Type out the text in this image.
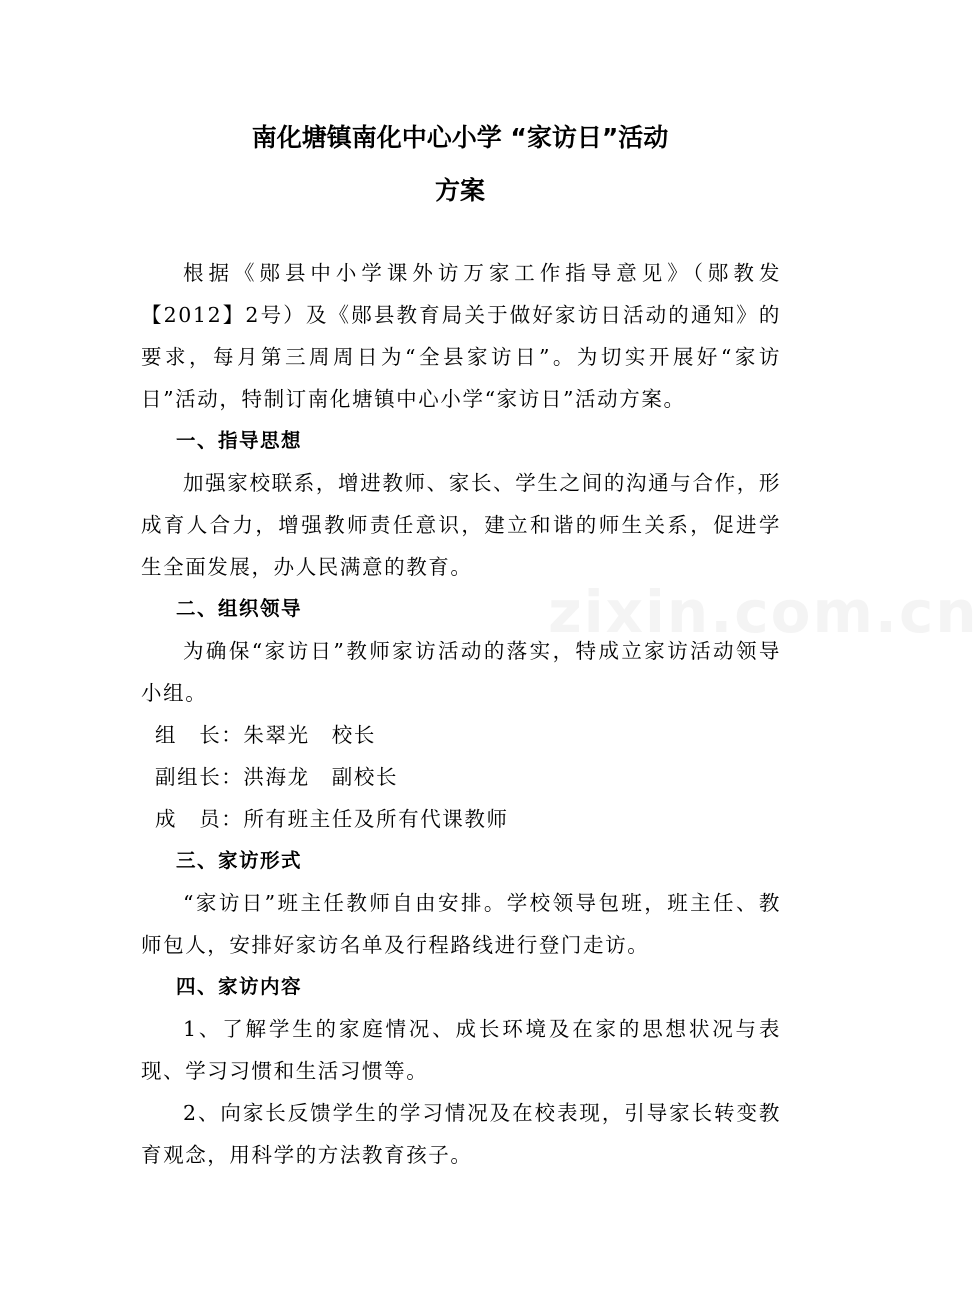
南化塘镇南化中心小学 “家访日”活动
方案
根据《郧县中小学课外访万家工作指导意见》（郧教发【2012】2号）及《郧县教育局关于做好家访日活动的通知》的要求，每月第三周周日为“全县家访日”。为切实开展好“家访日”活动，特制订南化塘镇中心小学“家访日”活动方案。
一、指导思想
加强家校联系，增进教师、家长、学生之间的沟通与合作，形成育人合力，增强教师责任意识，建立和谐的师生关系，促进学生全面发展，办人民满意的教育。
二、组织领导
为确保“家访日”教师家访活动的落实，特成立家访活动领导小组。
组　长：朱翠光　校长
副组长：洪海龙　副校长
成　员：所有班主任及所有代课教师
三、家访形式
“家访日”班主任教师自由安排。学校领导包班，班主任、教师包人，安排好家访名单及行程路线进行登门走访。
四、家访内容
1、了解学生的家庭情况、成长环境及在家的思想状况与表现、学习习惯和生活习惯等。
2、向家长反馈学生的学习情况及在校表现，引导家长转变教育观念，用科学的方法教育孩子。
zixin.com.cn
